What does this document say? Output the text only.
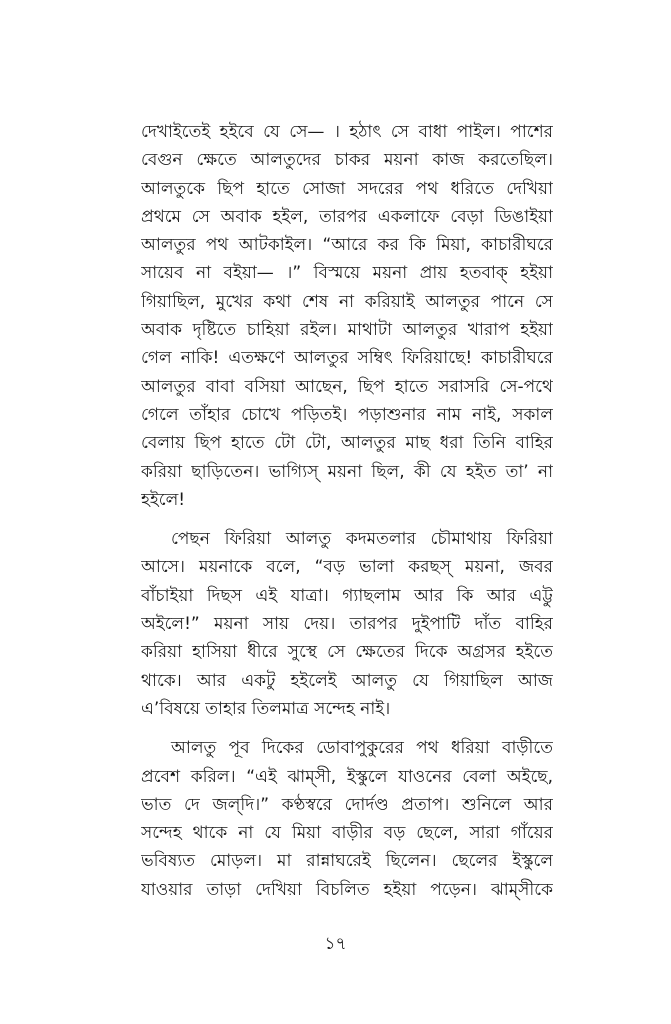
দেখাইতেই হইবে যে সে— । হঠাৎ সে বাধা পাইল। পাশের
বেগুন ক্ষেতে আলতুদের চাকর ময়না কাজ করতেছিল।
আলতুকে ছিপ হাতে সোজা সদরের পথ ধরিতে দেখিয়া
প্রথমে সে অবাক হইল, তারপর একলাফে বেড়া ডিঙাইয়া
আলতুর পথ আটকাইল। “আরে কর কি মিয়া, কাচারীঘরে
সায়েব না বইয়া— ।” বিস্ময়ে ময়না প্রায় হতবাক্ হইয়া
গিয়াছিল, মুখের কথা শেষ না করিয়াই আলতুর পানে সে
অবাক দৃষ্টিতে চাহিয়া রইল। মাথাটা আলতুর খারাপ হইয়া
গেল নাকি! এতক্ষণে আলতুর সম্বিৎ ফিরিয়াছে! কাচারীঘরে
আলতুর বাবা বসিয়া আছেন, ছিপ হাতে সরাসরি সে-পথে
গেলে তাঁহার চোখে পড়িতই। পড়াশুনার নাম নাই, সকাল
বেলায় ছিপ হাতে টো টো, আলতুর মাছ ধরা তিনি বাহির
করিয়া ছাড়িতেন। ভাগ্যিস্ ময়না ছিল, কী যে হইত তা’ না
হইলে!
পেছন ফিরিয়া আলতু কদমতলার চৌমাথায় ফিরিয়া
আসে। ময়নাকে বলে, “বড় ভালা করছস্ ময়না, জবর
বাঁচাইয়া দিছস এই যাত্রা। গ্যাছলাম আর কি আর এট্টু
অইলে!” ময়না সায় দেয়। তারপর দুইপাটি দাঁত বাহির
করিয়া হাসিয়া ধীরে সুস্থে সে ক্ষেতের দিকে অগ্রসর হইতে
থাকে। আর একটু হইলেই আলতু যে গিয়াছিল আজ
এ’বিষয়ে তাহার তিলমাত্র সন্দেহ নাই।
আলতু পূব দিকের ডোবাপুকুরের পথ ধরিয়া বাড়ীতে
প্রবেশ করিল। “এই ঝাম্‌সী, ইস্কুলে যাওনের বেলা অইছে,
ভাত দে জল্‌দি।” কণ্ঠস্বরে দোর্দণ্ড প্রতাপ। শুনিলে আর
সন্দেহ থাকে না যে মিয়া বাড়ীর বড় ছেলে, সারা গাঁয়ের
ভবিষ্যত মোড়ল। মা রান্নাঘরেই ছিলেন। ছেলের ইস্কুলে
যাওয়ার তাড়া দেখিয়া বিচলিত হইয়া পড়েন। ঝাম্‌সীকে
১৭
